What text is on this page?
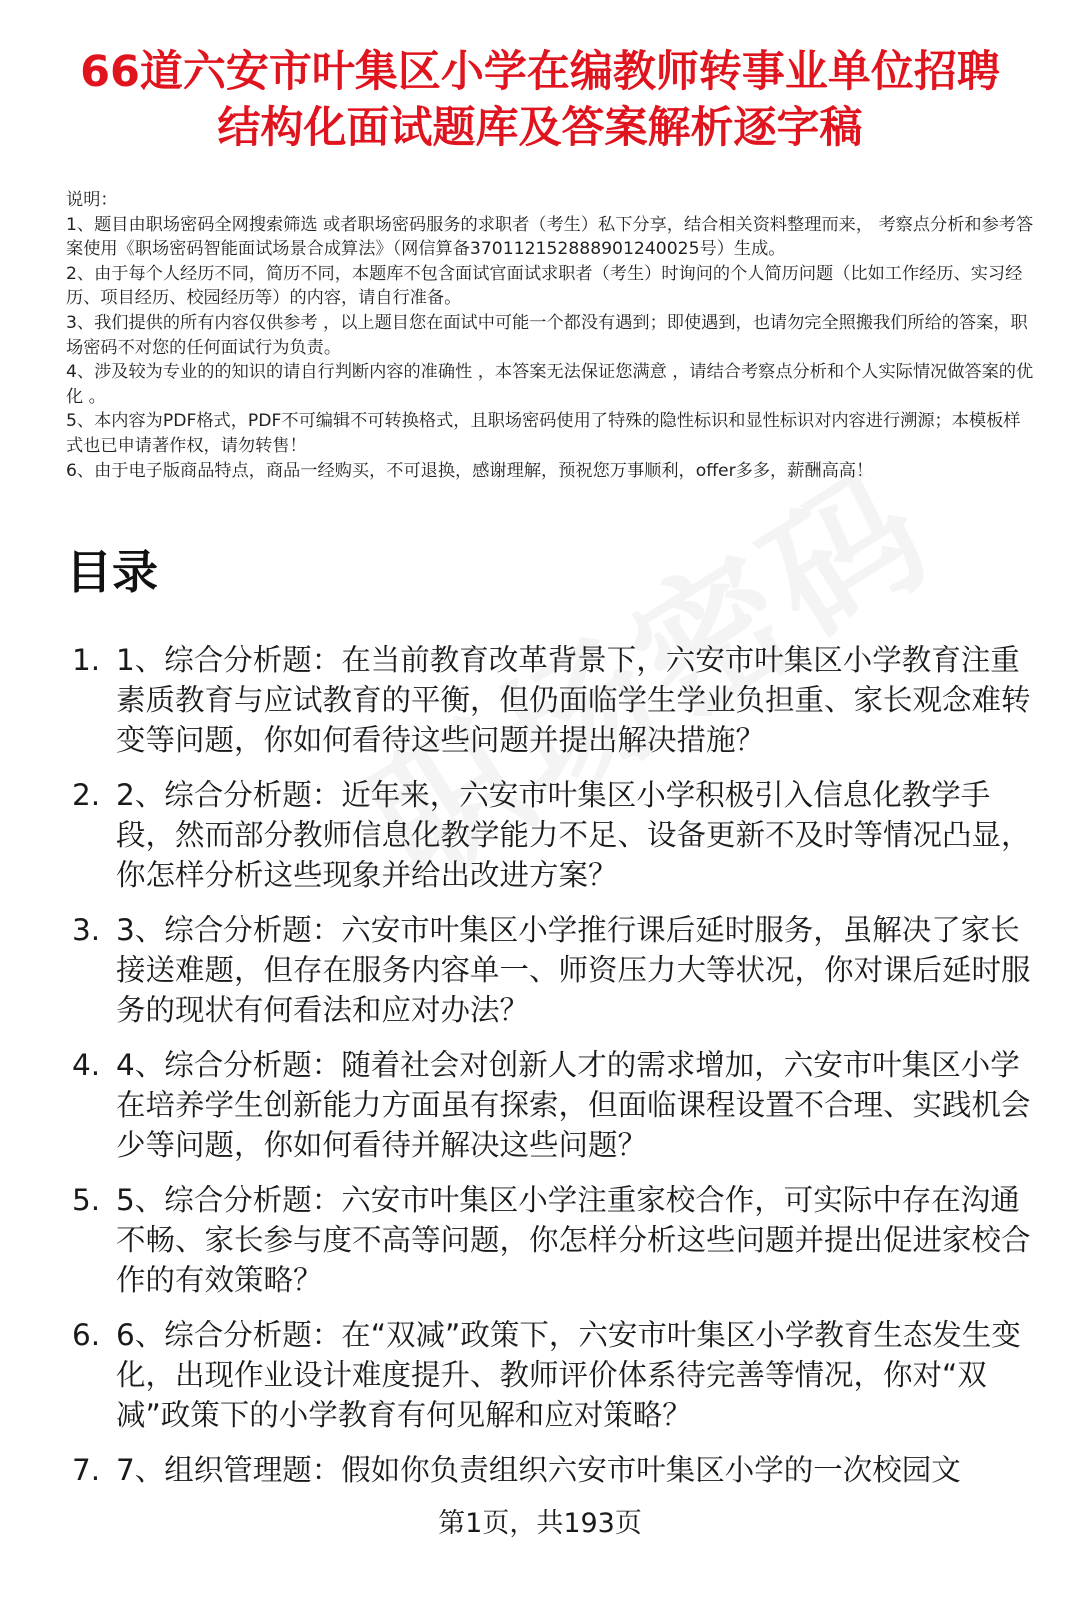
66道六安市叶集区小学在编教师转事业单位招聘结构化面试题库及答案解析逐字稿

说明：

1、题目由职场密码全网搜索筛选 或者职场密码服务的求职者（考生）私下分享，结合相关资料整理而来， 考察点分析和参考答案使用《职场密码智能面试场景合成算法》（网信算备370112152888901240025号）生成。

2、由于每个人经历不同，简历不同，本题库不包含面试官面试求职者（考生）时询问的个人简历问题（比如工作经历、实习经历、项目经历、校园经历等）的内容，请自行准备。

3、我们提供的所有内容仅供参考 ，以上题目您在面试中可能一个都没有遇到；即使遇到，也请勿完全照搬我们所给的答案，职场密码不对您的任何面试行为负责。

4、涉及较为专业的的知识的请自行判断内容的准确性 ，本答案无法保证您满意 ，请结合考察点分析和个人实际情况做答案的优化 。

5、本内容为PDF格式，PDF不可编辑不可转换格式，且职场密码使用了特殊的隐性标识和显性标识对内容进行溯源；本模板样式也已申请著作权，请勿转售！

6、由于电子版商品特点，商品一经购买，不可退换，感谢理解，预祝您万事顺利，offer多多，薪酬高高！

目录
1. 1、综合分析题：在当前教育改革背景下，六安市叶集区小学教育注重素质教育与应试教育的平衡，但仍面临学生学业负担重、家长观念难转变等问题，你如何看待这些问题并提出解决措施？
2. 2、综合分析题：近年来，六安市叶集区小学积极引入信息化教学手段，然而部分教师信息化教学能力不足、设备更新不及时等情况凸显，你怎样分析这些现象并给出改进方案？
3. 3、综合分析题：六安市叶集区小学推行课后延时服务，虽解决了家长接送难题，但存在服务内容单一、师资压力大等状况，你对课后延时服务的现状有何看法和应对办法？
4. 4、综合分析题：随着社会对创新人才的需求增加，六安市叶集区小学在培养学生创新能力方面虽有探索，但面临课程设置不合理、实践机会少等问题，你如何看待并解决这些问题？
5. 5、综合分析题：六安市叶集区小学注重家校合作，可实际中存在沟通不畅、家长参与度不高等问题，你怎样分析这些问题并提出促进家校合作的有效策略？
6. 6、综合分析题：在“双减”政策下，六安市叶集区小学教育生态发生变化，出现作业设计难度提升、教师评价体系待完善等情况，你对“双减”政策下的小学教育有何见解和应对策略？
7. 7、组织管理题：假如你负责组织六安市叶集区小学的一次校园文
第1页，共193页
